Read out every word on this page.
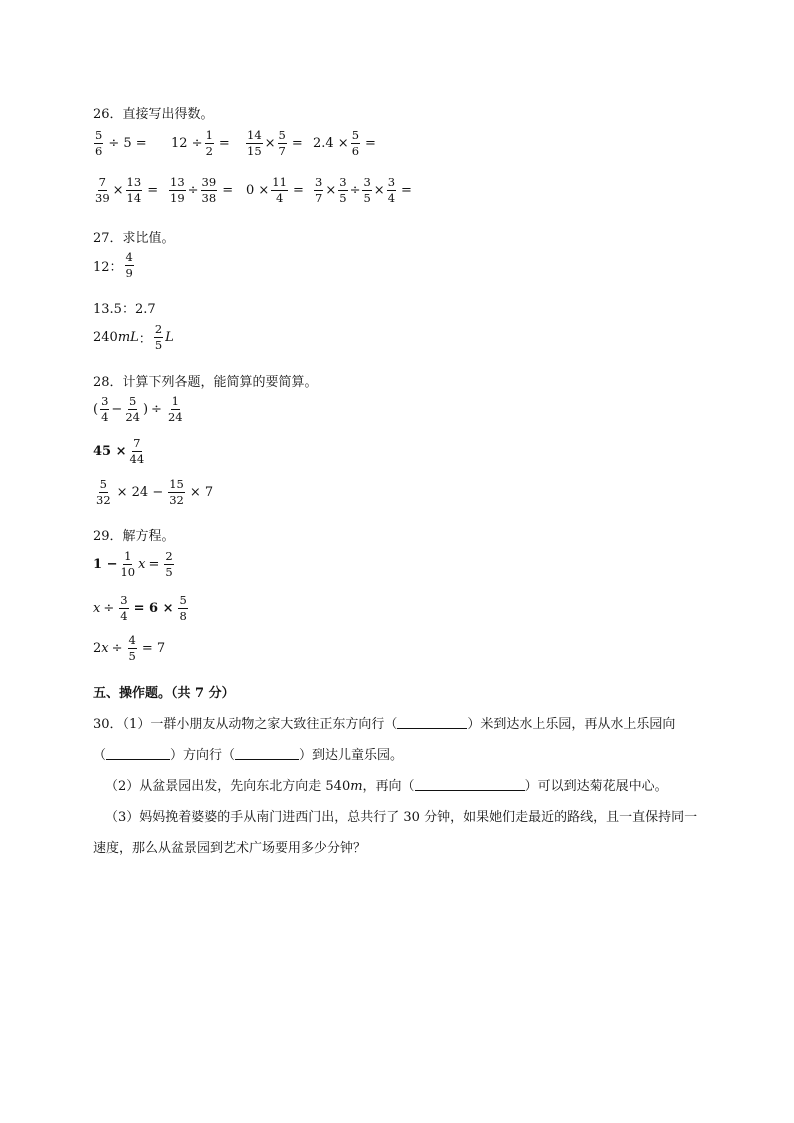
26．直接写出得数。
$\frac{5}{6} \div 5 = 12 \div \frac{1}{2} = \frac{14}{15} \times \frac{5}{7} = 2.4 \times \frac{5}{6}$ =
$\frac{7}{39} \times \frac{13}{14} = \frac{13}{19} \div \frac{39}{38} = 0 \times \frac{11}{4} = \frac{3}{7} \times \frac{3}{5} \div \frac{3}{5} \times \frac{3}{4}$ =
27．求比值。
12： $\frac{4}{9}$
13.5：2.7
240 mL ： $\frac{2}{5}$ L
28．计算下列各题，能简算的要简算。
( $\frac{3}{4} - \frac{5}{24}$ ) ÷ $\frac{1}{24}$
$45 \times \frac{7}{44}$
$\frac{5}{32} \times 24 - \frac{15}{32} \times 7$
29．解方程。
$1 - \frac{1}{10}$ $x = \frac{2}{5}$
$x \div \frac{3}{4} = 6 \times \frac{5}{8}$
2 $x \div \frac{4}{5} = 7$
五、操作题。（共 7 分）
30．（1）一群小朋友从动物之家大致往正东方向行（	）米到达水上乐园，再从水上乐园向
（	）方向行（	）到达儿童乐园。
（2）从盆景园出发，先向东北方向走 540m，再向（	）可以到达菊花展中心。
（3）妈妈挽着婆婆的手从南门进西门出，总共行了 30 分钟，如果她们走最近的路线，且一直保持同一
速度，那么从盆景园到艺术广场要用多少分钟？
